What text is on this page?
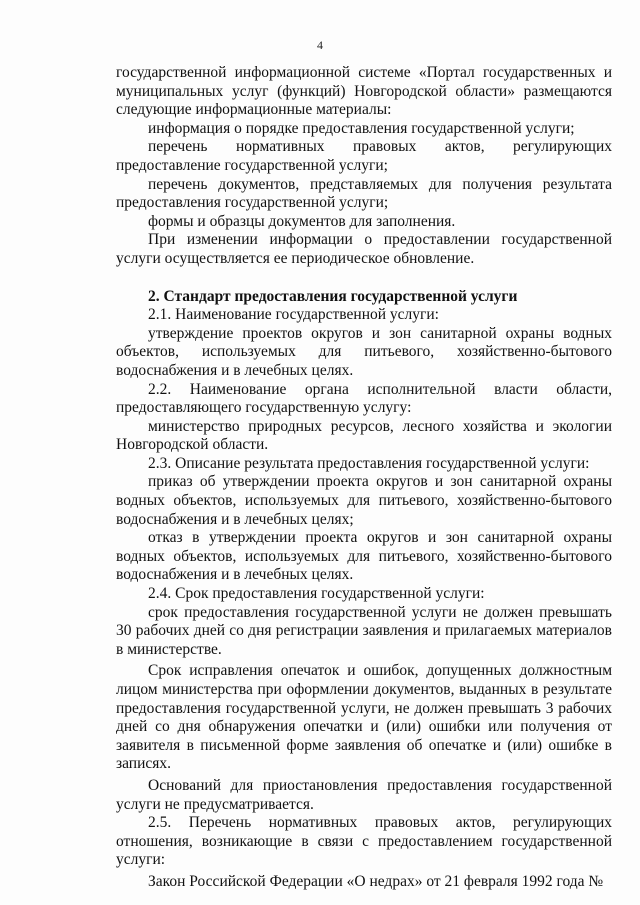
4

государственной информационной системе «Портал государственных и муниципальных услуг (функций) Новгородской области» размещаются следующие информационные материалы:

информация о порядке предоставления государственной услуги;

перечень нормативных правовых актов, регулирующих предоставление государственной услуги;

перечень документов, представляемых для получения результата предоставления государственной услуги;

формы и образцы документов для заполнения.

При изменении информации о предоставлении государственной услуги осуществляется ее периодическое обновление.

2. Стандарт предоставления государственной услуги

2.1. Наименование государственной услуги:

утверждение проектов округов и зон санитарной охраны водных объектов, используемых для питьевого, хозяйственно-бытового водоснабжения и в лечебных целях.

2.2. Наименование органа исполнительной власти области, предоставляющего государственную услугу:

министерство природных ресурсов, лесного хозяйства и экологии Новгородской области.

2.3. Описание результата предоставления государственной услуги:

приказ об утверждении проекта округов и зон санитарной охраны водных объектов, используемых для питьевого, хозяйственно-бытового водоснабжения и в лечебных целях;

отказ в утверждении проекта округов и зон санитарной охраны водных объектов, используемых для питьевого, хозяйственно-бытового водоснабжения и в лечебных целях.

2.4. Срок предоставления государственной услуги:

срок предоставления государственной услуги не должен превышать 30 рабочих дней со дня регистрации заявления и прилагаемых материалов в министерстве.

Срок исправления опечаток и ошибок, допущенных должностным лицом министерства при оформлении документов, выданных в результате предоставления государственной услуги, не должен превышать 3 рабочих дней со дня обнаружения опечатки и (или) ошибки или получения от заявителя в письменной форме заявления об опечатке и (или) ошибке в записях.

Оснований для приостановления предоставления государственной услуги не предусматривается.

2.5. Перечень нормативных правовых актов, регулирующих отношения, возникающие в связи с предоставлением государственной услуги:

Закон Российской Федерации «О недрах» от 21 февраля 1992 года №
